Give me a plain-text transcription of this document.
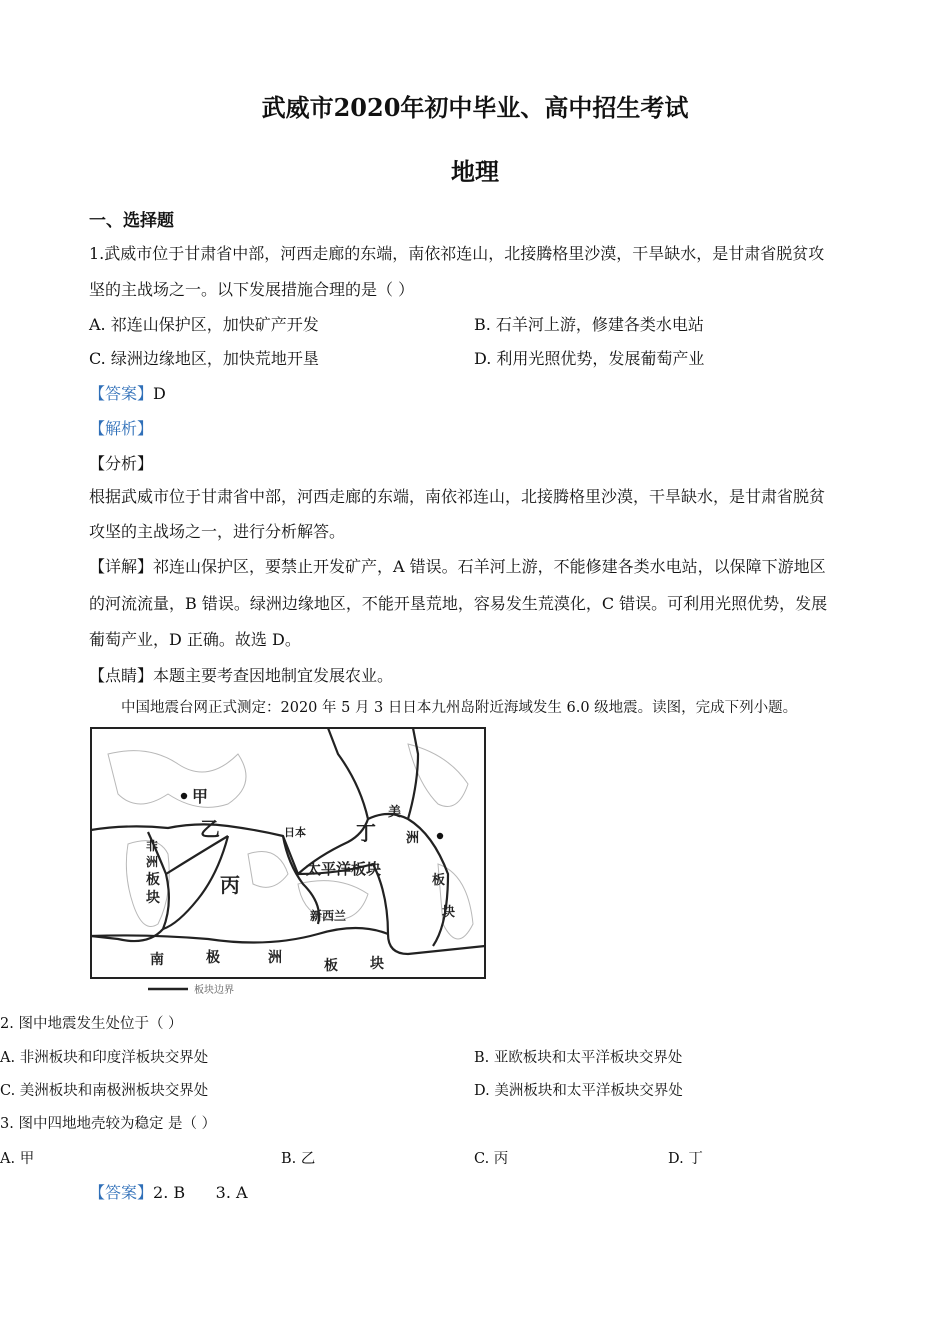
武威市2020年初中毕业、高中招生考试
地理
一、选择题
1.武威市位于甘肃省中部，河西走廊的东端，南依祁连山，北接腾格里沙漠，干旱缺水，是甘肃省脱贫攻
坚的主战场之一。以下发展措施合理的是（ ）
A. 祁连山保护区，加快矿产开发	B. 石羊河上游，修建各类水电站
C. 绿洲边缘地区，加快荒地开垦	D. 利用光照优势，发展葡萄产业
【答案】D
【解析】
【分析】
根据武威市位于甘肃省中部，河西走廊的东端，南依祁连山，北接腾格里沙漠，干旱缺水，是甘肃省脱贫
攻坚的主战场之一，进行分析解答。
【详解】祁连山保护区，要禁止开发矿产，A 错误。石羊河上游，不能修建各类水电站，以保障下游地区
的河流流量，B 错误。绿洲边缘地区，不能开垦荒地，容易发生荒漠化，C 错误。可利用光照优势，发展
葡萄产业，D 正确。故选 D。
【点睛】本题主要考查因地制宜发展农业。
中国地震台网正式测定：2020 年 5 月 3 日日本九州岛附近海域发生 6.0 级地震。读图，完成下列小题。
甲
乙
丙
丁
日本
太平洋板块
新西兰
非
洲
板
块
南	极	洲	板 块
美
洲
板
块
板块边界
2. 图中地震发生处位于（ ）
A. 非洲板块和印度洋板块交界处	B. 亚欧板块和太平洋板块交界处
C. 美洲板块和南极洲板块交界处	D. 美洲板块和太平洋板块交界处
3. 图中四地地壳较为稳定 是（ ）
A. 甲	B. 乙	C. 丙	D. 丁
【答案】2. B      3. A
